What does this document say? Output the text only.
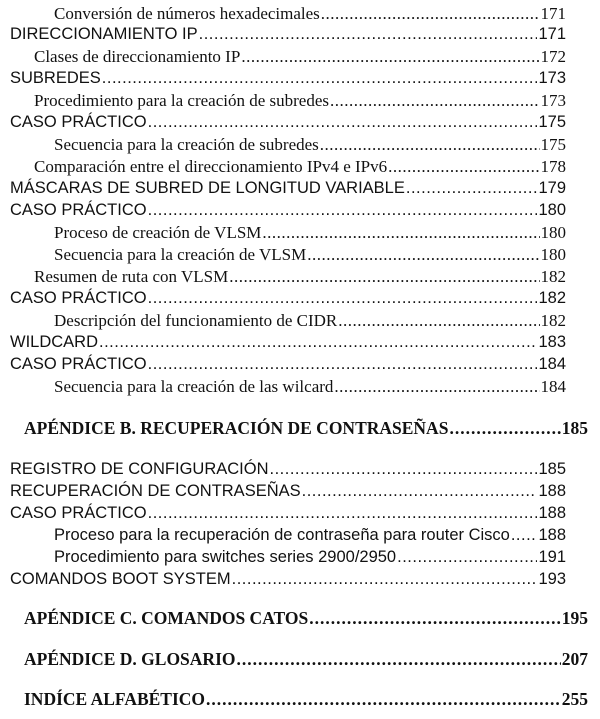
Conversión de números hexadecimales .....	171
DIRECCIONAMIENTO IP .....	171
Clases de direccionamiento IP .....	172
SUBREDES .....	173
Procedimiento para la creación de subredes .....	173
CASO PRÁCTICO .....	175
Secuencia para la creación de subredes .....	175
Comparación entre el direccionamiento IPv4 e IPv6 .....	178
MÁSCARAS DE SUBRED DE LONGITUD VARIABLE .....	179
CASO PRÁCTICO .....	180
Proceso de creación de VLSM .....	180
Secuencia para la creación de VLSM .....	180
Resumen de ruta con VLSM .....	182
CASO PRÁCTICO .....	182
Descripción del funcionamiento de CIDR .....	182
WILDCARD .....	183
CASO PRÁCTICO .....	184
Secuencia para la creación de las wilcard .....	184
APÉNDICE B. RECUPERACIÓN DE CONTRASEÑAS .....	185
REGISTRO DE CONFIGURACIÓN .....	185
RECUPERACIÓN DE CONTRASEÑAS .....	188
CASO PRÁCTICO .....	188
Proceso para la recuperación de contraseña para router Cisco ..... 188
Procedimiento para switches series 2900/2950 .....	191
COMANDOS BOOT SYSTEM .....	193
APÉNDICE C. COMANDOS CATOS .....	195
APÉNDICE D. GLOSARIO .....	207
INDÍCE ALFABÉTICO .....	255
